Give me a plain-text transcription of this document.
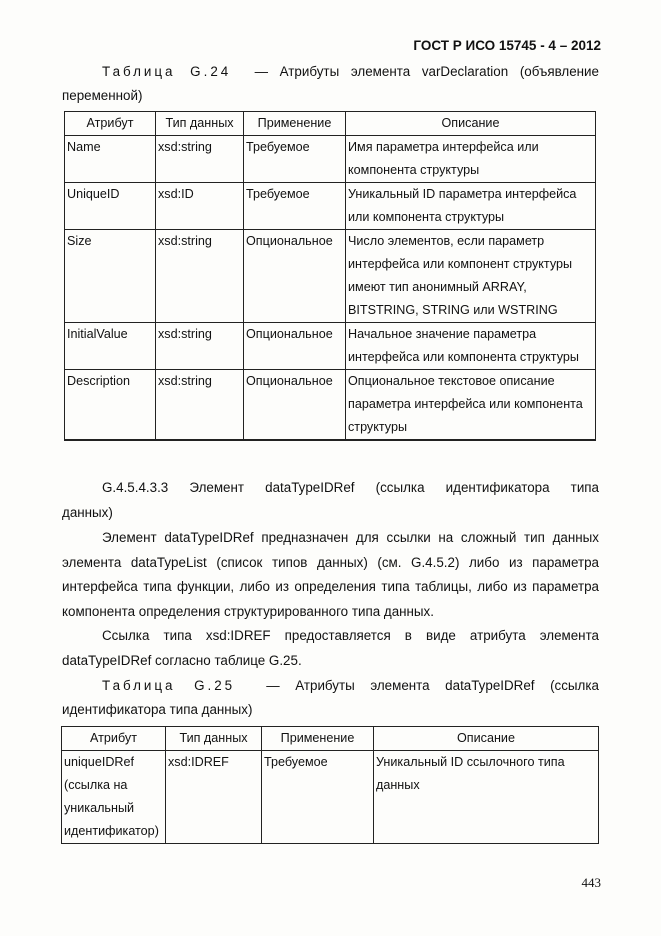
ГОСТ Р ИСО 15745 - 4 – 2012
Таблица G.24 — Атрибуты элемента varDeclaration (объявление
переменной)
Атрибут	Тип данных	Применение	Описание
Name	xsd:string	Требуемое	Имя параметра интерфейса или компонента структуры
UniqueID	xsd:ID	Требуемое	Уникальный ID параметра интерфейса или компонента структуры
Size	xsd:string	Опциональное	Число элементов, если параметр интерфейса или компонент структуры имеют тип анонимный ARRAY, BITSTRING, STRING или WSTRING
InitialValue	xsd:string	Опциональное	Начальное значение параметра интерфейса или компонента структуры
Description	xsd:string	Опциональное	Опциональное текстовое описание параметра интерфейса или компонента структуры
G.4.5.4.3.3 Элемент dataTypeIDRef (ссылка идентификатора типа
данных)
Элемент dataTypeIDRef предназначен для ссылки на сложный тип данных элемента dataTypeList (список типов данных) (см. G.4.5.2) либо из параметра интерфейса типа функции, либо из определения типа таблицы, либо из параметра компонента определения структурированного типа данных.
Ссылка типа xsd:IDREF предоставляется в виде атрибута элемента dataTypeIDRef согласно таблице G.25.
Таблица G.25 — Атрибуты элемента dataTypeIDRef (ссылка
идентификатора типа данных)
Атрибут	Тип данных	Применение	Описание
uniqueIDRef (ссылка на уникальный идентификатор)	xsd:IDREF	Требуемое	Уникальный ID ссылочного типа данных
443
